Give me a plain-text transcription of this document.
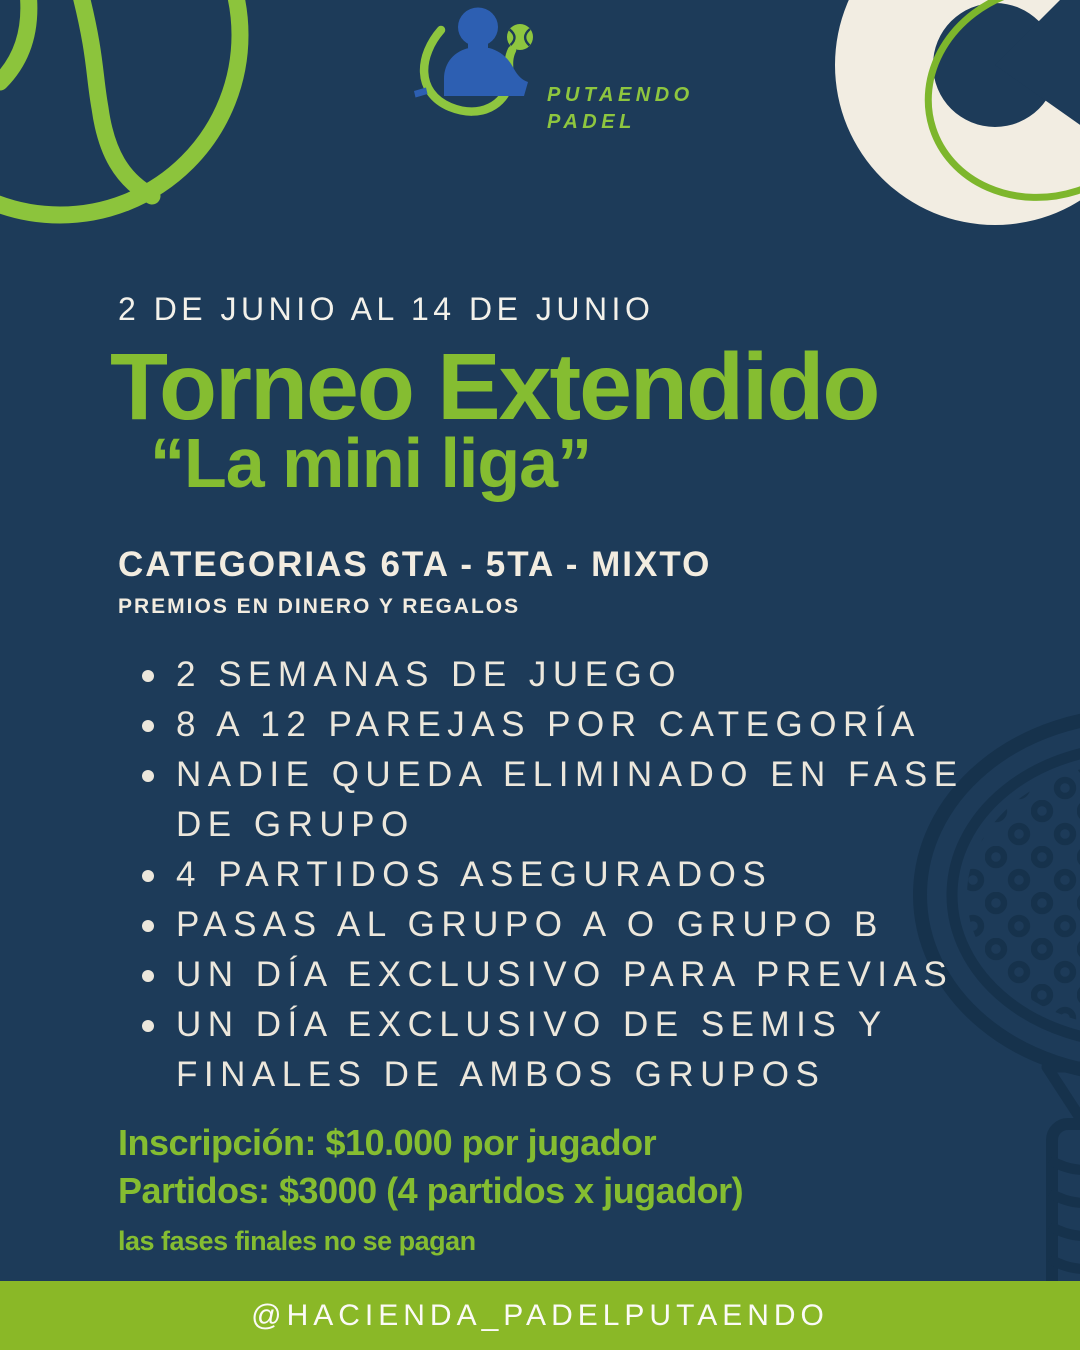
PUTAENDO
PADEL
2 DE JUNIO AL 14 DE JUNIO
Torneo Extendido
“La mini liga”
CATEGORIAS 6TA - 5TA - MIXTO
PREMIOS EN DINERO Y REGALOS
2 SEMANAS DE JUEGO
8 A 12 PAREJAS POR CATEGORÍA
NADIE QUEDA ELIMINADO EN FASE DE GRUPO
4 PARTIDOS ASEGURADOS
PASAS AL GRUPO A O GRUPO B
UN DÍA EXCLUSIVO PARA PREVIAS
UN DÍA EXCLUSIVO DE SEMIS Y FINALES DE AMBOS GRUPOS
Inscripción: $10.000 por jugador
Partidos: $3000 (4 partidos x jugador)
las fases finales no se pagan
@HACIENDA_PADELPUTAENDO
